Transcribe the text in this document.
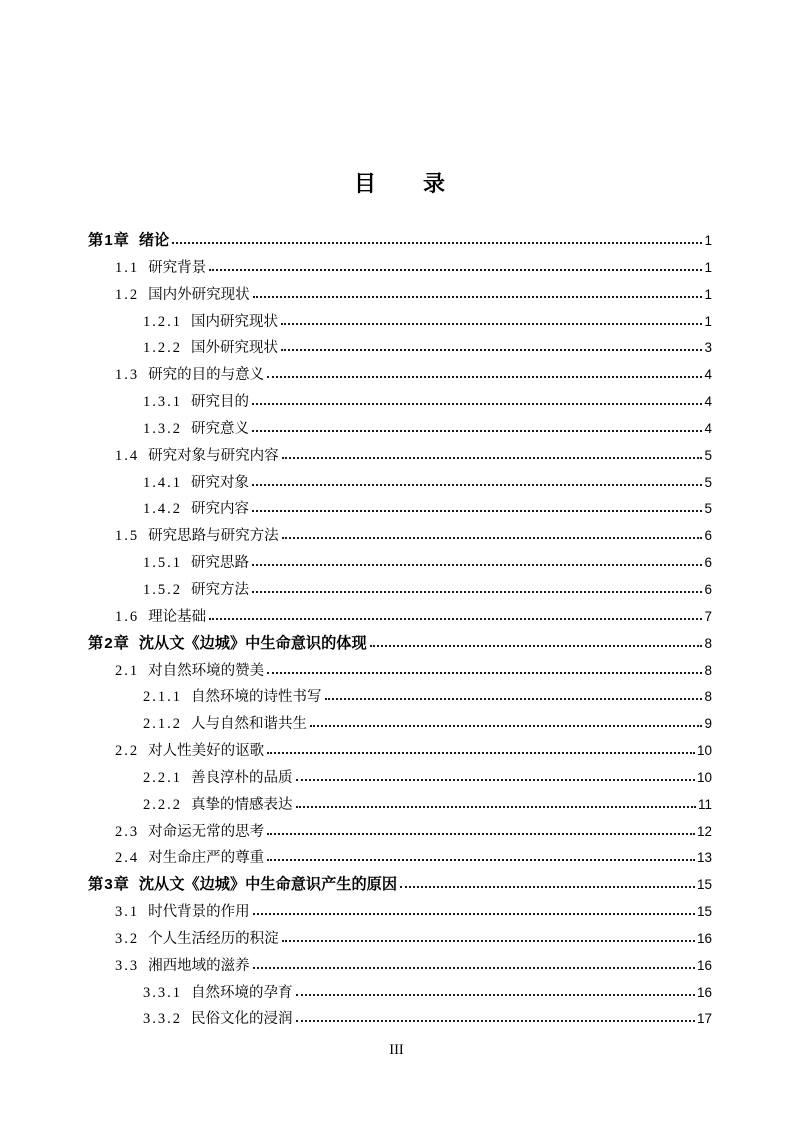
目　　录
第1章 绪论	1
1.1 研究背景	1
1.2 国内外研究现状	1
1.2.1 国内研究现状	1
1.2.2 国外研究现状	3
1.3 研究的目的与意义	4
1.3.1 研究目的	4
1.3.2 研究意义	4
1.4 研究对象与研究内容	5
1.4.1 研究对象	5
1.4.2 研究内容	5
1.5 研究思路与研究方法	6
1.5.1 研究思路	6
1.5.2 研究方法	6
1.6 理论基础	7
第2章 沈从文《边城》中生命意识的体现	8
2.1 对自然环境的赞美	8
2.1.1 自然环境的诗性书写	8
2.1.2 人与自然和谐共生	9
2.2 对人性美好的讴歌	10
2.2.1 善良淳朴的品质	10
2.2.2 真挚的情感表达	11
2.3 对命运无常的思考	12
2.4 对生命庄严的尊重	13
第3章 沈从文《边城》中生命意识产生的原因	15
3.1 时代背景的作用	15
3.2 个人生活经历的积淀	16
3.3 湘西地域的滋养	16
3.3.1 自然环境的孕育	16
3.3.2 民俗文化的浸润	17
III
